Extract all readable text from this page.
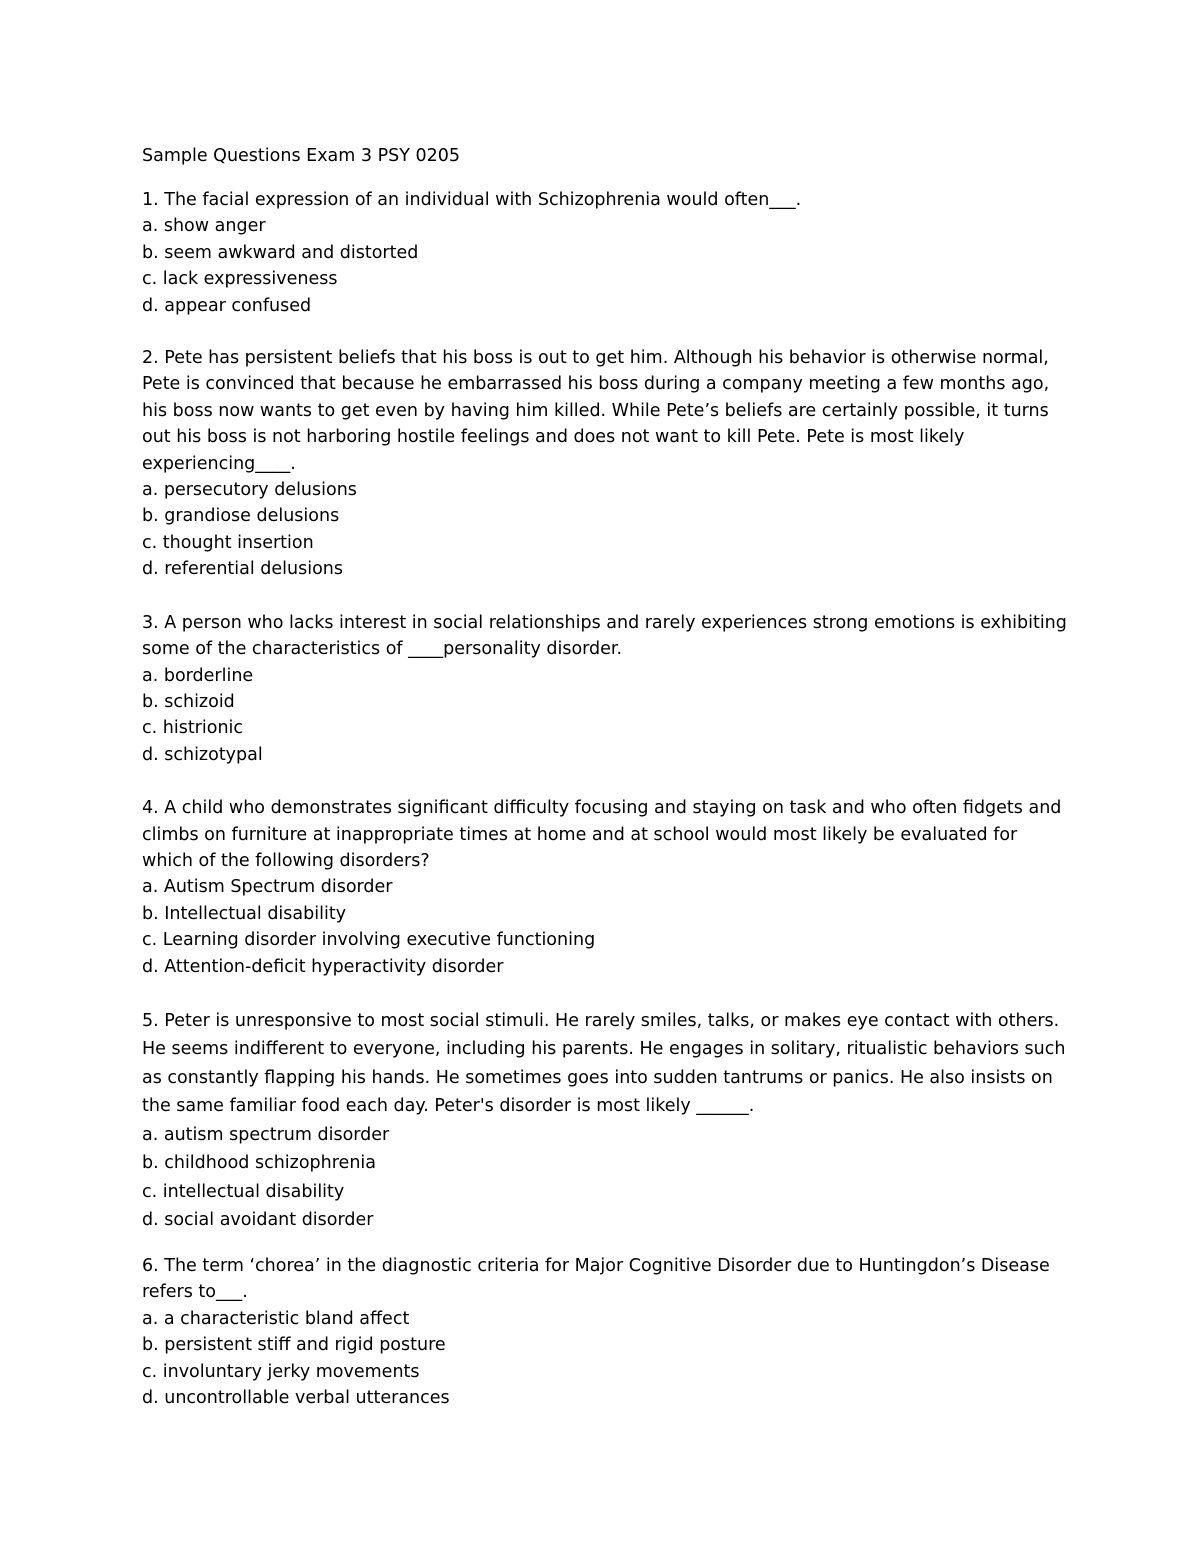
Sample Questions Exam 3 PSY 0205

1. The facial expression of an individual with Schizophrenia would often___.

a. show anger
b. seem awkward and distorted
c. lack expressiveness
d. appear confused

2. Pete has persistent beliefs that his boss is out to get him. Although his behavior is otherwise normal, Pete is convinced that because he embarrassed his boss during a company meeting a few months ago, his boss now wants to get even by having him killed. While Pete’s beliefs are certainly possible, it turns out his boss is not harboring hostile feelings and does not want to kill Pete. Pete is most likely experiencing____.

a. persecutory delusions
b. grandiose delusions
c. thought insertion
d. referential delusions

3. A person who lacks interest in social relationships and rarely experiences strong emotions is exhibiting some of the characteristics of ____personality disorder.

a. borderline
b. schizoid
c. histrionic
d. schizotypal

4. A child who demonstrates significant difficulty focusing and staying on task and who often fidgets and climbs on furniture at inappropriate times at home and at school would most likely be evaluated for which of the following disorders?

a. Autism Spectrum disorder
b. Intellectual disability
c. Learning disorder involving executive functioning
d. Attention-deficit hyperactivity disorder

5. Peter is unresponsive to most social stimuli. He rarely smiles, talks, or makes eye contact with others. He seems indifferent to everyone, including his parents. He engages in solitary, ritualistic behaviors such as constantly flapping his hands. He sometimes goes into sudden tantrums or panics. He also insists on the same familiar food each day. Peter's disorder is most likely ______.

a. autism spectrum disorder
b. childhood schizophrenia
c. intellectual disability
d. social avoidant disorder

6. The term ‘chorea’ in the diagnostic criteria for Major Cognitive Disorder due to Huntingdon’s Disease refers to___.

a. a characteristic bland affect
b. persistent stiff and rigid posture
c. involuntary jerky movements
d. uncontrollable verbal utterances
